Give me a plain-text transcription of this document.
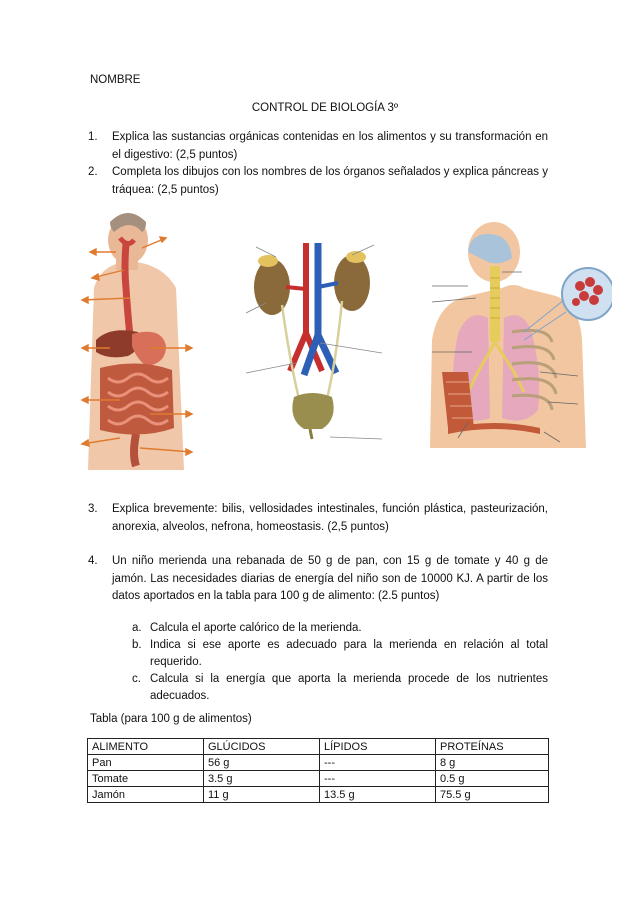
NOMBRE
CONTROL DE BIOLOGÍA 3º
1. Explica las sustancias orgánicas contenidas en los alimentos y su transformación en el digestivo: (2,5 puntos)
2. Completa los dibujos con los nombres de los órganos señalados y explica páncreas y tráquea: (2,5 puntos)
3. Explica brevemente: bilis, vellosidades intestinales, función plástica, pasteurización, anorexia, alveolos, nefrona, homeostasis. (2,5 puntos)
4. Un niño merienda una rebanada de 50 g de pan, con 15 g de tomate y 40 g de jamón. Las necesidades diarias de energía del niño son de 10000 KJ. A partir de los datos aportados en la tabla para 100 g de alimento: (2.5 puntos)
a. Calcula el aporte calórico de la merienda.
b. Indica si ese aporte es adecuado para la merienda en relación al total requerido.
c. Calcula si la energía que aporta la merienda procede de los nutrientes adecuados.
Tabla (para 100 g de alimentos)
ALIMENTO	GLÚCIDOS	LÍPIDOS	PROTEÍNAS
Pan	56 g	---	8 g
Tomate	3.5 g	---	0.5 g
Jamón	11 g	13.5 g	75.5 g
